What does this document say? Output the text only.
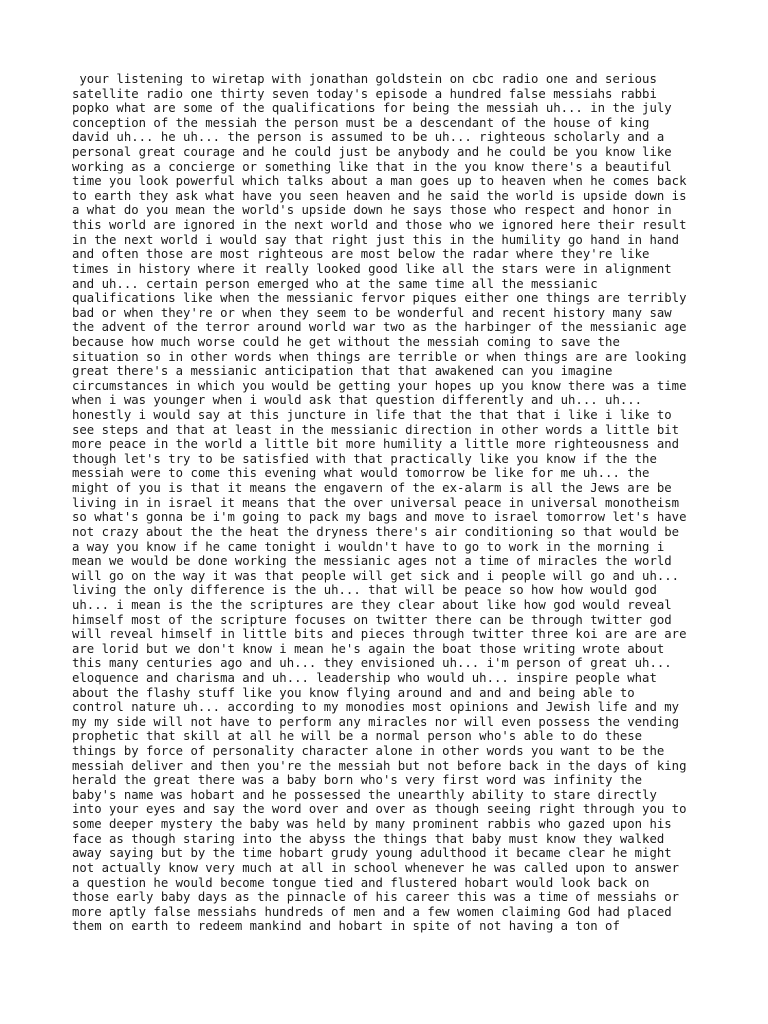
your listening to wiretap with jonathan goldstein on cbc radio one and serious
satellite radio one thirty seven today's episode a hundred false messiahs rabbi
popko what are some of the qualifications for being the messiah uh... in the july
conception of the messiah the person must be a descendant of the house of king
david uh... he uh... the person is assumed to be uh... righteous scholarly and a
personal great courage and he could just be anybody and he could be you know like
working as a concierge or something like that in the you know there's a beautiful
time you look powerful which talks about a man goes up to heaven when he comes back
to earth they ask what have you seen heaven and he said the world is upside down is
a what do you mean the world's upside down he says those who respect and honor in
this world are ignored in the next world and those who we ignored here their result
in the next world i would say that right just this in the humility go hand in hand
and often those are most righteous are most below the radar where they're like
times in history where it really looked good like all the stars were in alignment
and uh... certain person emerged who at the same time all the messianic
qualifications like when the messianic fervor piques either one things are terribly
bad or when they're or when they seem to be wonderful and recent history many saw
the advent of the terror around world war two as the harbinger of the messianic age
because how much worse could he get without the messiah coming to save the
situation so in other words when things are terrible or when things are are looking
great there's a messianic anticipation that that awakened can you imagine
circumstances in which you would be getting your hopes up you know there was a time
when i was younger when i would ask that question differently and uh... uh...
honestly i would say at this juncture in life that the that that i like i like to
see steps and that at least in the messianic direction in other words a little bit
more peace in the world a little bit more humility a little more righteousness and
though let's try to be satisfied with that practically like you know if the the
messiah were to come this evening what would tomorrow be like for me uh... the
might of you is that it means the engavern of the ex-alarm is all the Jews are be
living in in israel it means that the over universal peace in universal monotheism
so what's gonna be i'm going to pack my bags and move to israel tomorrow let's have
not crazy about the the heat the dryness there's air conditioning so that would be
a way you know if he came tonight i wouldn't have to go to work in the morning i
mean we would be done working the messianic ages not a time of miracles the world
will go on the way it was that people will get sick and i people will go and uh...
living the only difference is the uh... that will be peace so how how would god
uh... i mean is the the scriptures are they clear about like how god would reveal
himself most of the scripture focuses on twitter there can be through twitter god
will reveal himself in little bits and pieces through twitter three koi are are are
are lorid but we don't know i mean he's again the boat those writing wrote about
this many centuries ago and uh... they envisioned uh... i'm person of great uh...
eloquence and charisma and uh... leadership who would uh... inspire people what
about the flashy stuff like you know flying around and and and being able to
control nature uh... according to my monodies most opinions and Jewish life and my
my my side will not have to perform any miracles nor will even possess the vending
prophetic that skill at all he will be a normal person who's able to do these
things by force of personality character alone in other words you want to be the
messiah deliver and then you're the messiah but not before back in the days of king
herald the great there was a baby born who's very first word was infinity the
baby's name was hobart and he possessed the unearthly ability to stare directly
into your eyes and say the word over and over as though seeing right through you to
some deeper mystery the baby was held by many prominent rabbis who gazed upon his
face as though staring into the abyss the things that baby must know they walked
away saying but by the time hobart grudy young adulthood it became clear he might
not actually know very much at all in school whenever he was called upon to answer
a question he would become tongue tied and flustered hobart would look back on
those early baby days as the pinnacle of his career this was a time of messiahs or
more aptly false messiahs hundreds of men and a few women claiming God had placed
them on earth to redeem mankind and hobart in spite of not having a ton of
